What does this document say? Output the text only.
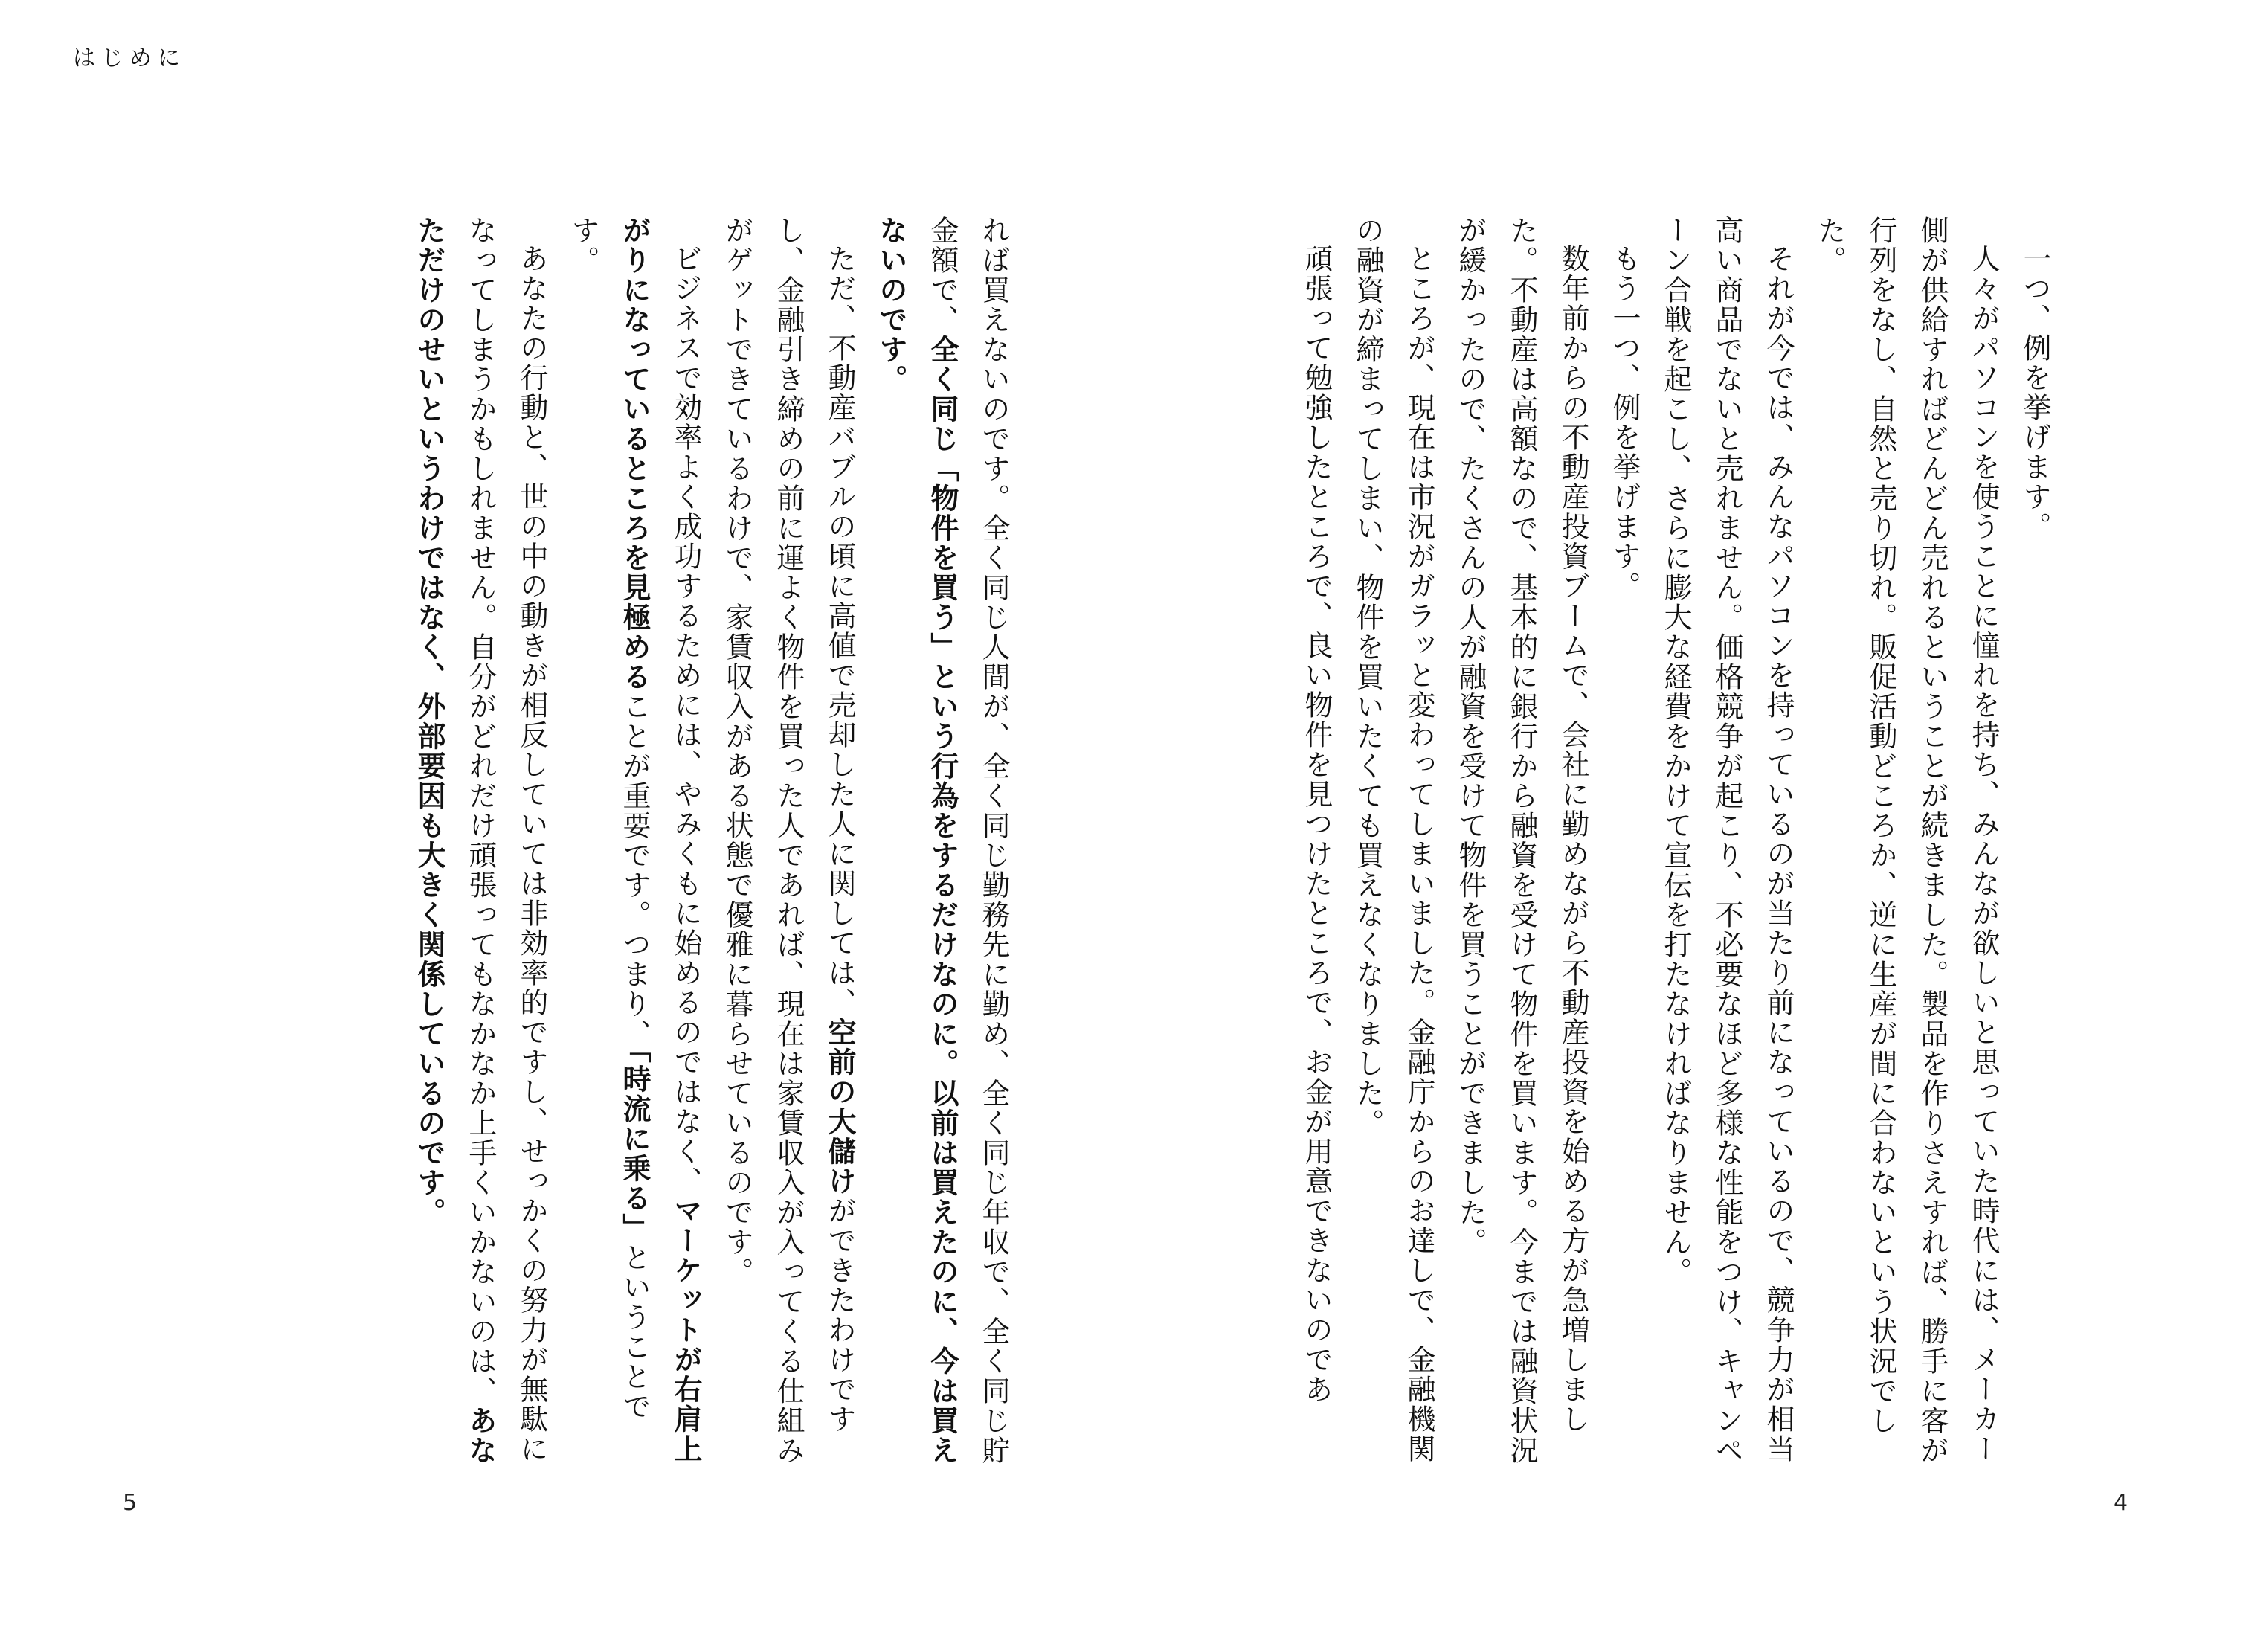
はじめに
一つ、例を挙げます。
人々がパソコンを使うことに憧れを持ち、みんなが欲しいと思っていた時代には、メーカー側が供給すればどんどん売れるということが続きました。製品を作りさえすれば、勝手に客が行列をなし、自然と売り切れ。販促活動どころか、逆に生産が間に合わないという状況でした。
それが今では、みんなパソコンを持っているのが当たり前になっているので、競争力が相当高い商品でないと売れません。価格競争が起こり、不必要なほど多様な性能をつけ、キャンペーン合戦を起こし、さらに膨大な経費をかけて宣伝を打たなければなりません。
もう一つ、例を挙げます。
数年前からの不動産投資ブームで、会社に勤めながら不動産投資を始める方が急増しました。不動産は高額なので、基本的に銀行から融資を受けて物件を買います。今までは融資状況が緩かったので、たくさんの人が融資を受けて物件を買うことができました。
ところが、現在は市況がガラッと変わってしまいました。金融庁からのお達しで、金融機関の融資が締まってしまい、物件を買いたくても買えなくなりました。
頑張って勉強したところで、良い物件を見つけたところで、お金が用意できないのであ
れば買えないのです。全く同じ人間が、全く同じ勤務先に勤め、全く同じ年収で、全く同じ貯金額で、全く同じ「物件を買う」という行為をするだけなのに。以前は買えたのに、今は買えないのです。
ただ、不動産バブルの頃に高値で売却した人に関しては、空前の大儲けができたわけですし、金融引き締めの前に運よく物件を買った人であれば、現在は家賃収入が入ってくる仕組みがゲットできているわけで、家賃収入がある状態で優雅に暮らせているのです。
ビジネスで効率よく成功するためには、やみくもに始めるのではなく、マーケットが右肩上がりになっているところを見極めることが重要です。つまり、「時流に乗る」ということです。
あなたの行動と、世の中の動きが相反していては非効率的ですし、せっかくの努力が無駄になってしまうかもしれません。自分がどれだけ頑張ってもなかなか上手くいかないのは、あなただけのせいというわけではなく、外部要因も大きく関係しているのです。
5	4
